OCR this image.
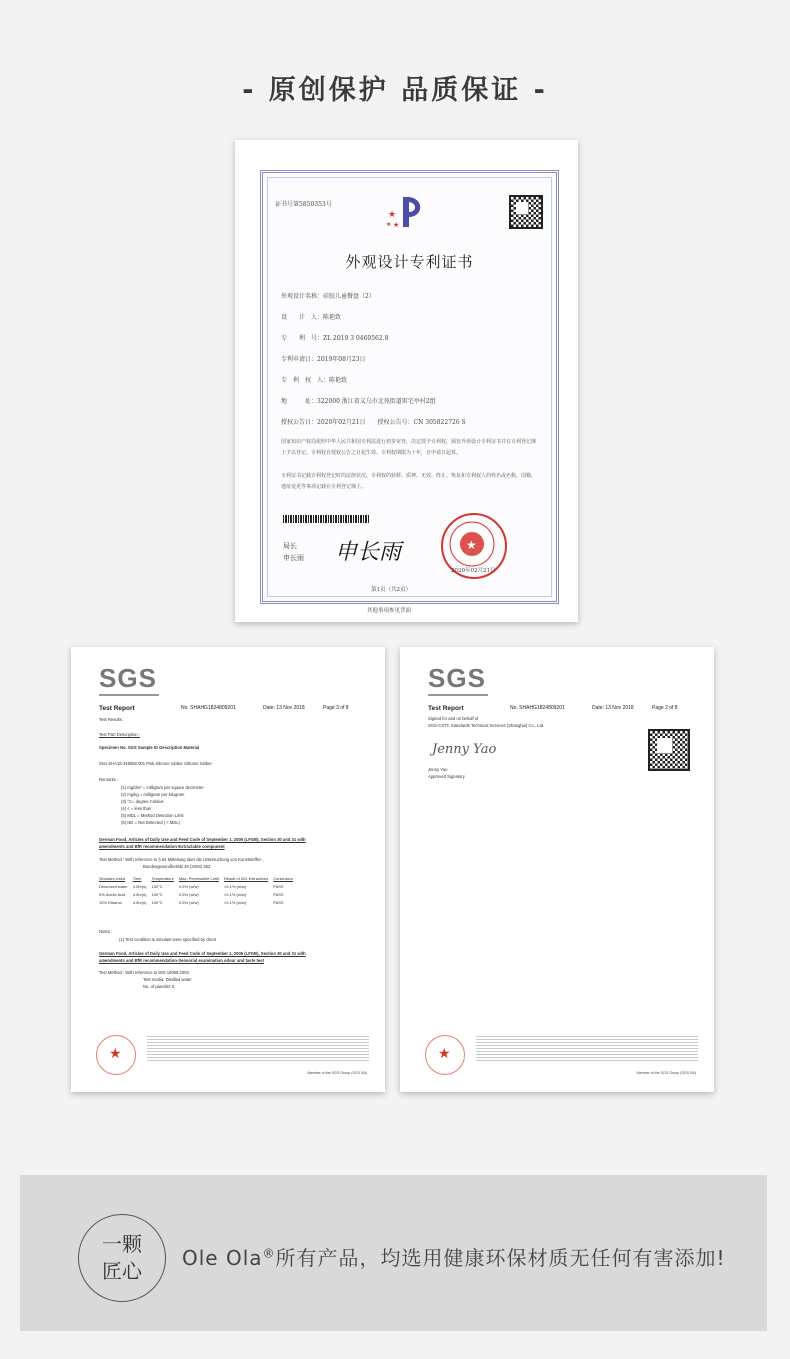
- 原创保护 品质保证 -
证书号第5850353号
★
★
★
外观设计专利证书
外观设计名称：硅胶儿童餐盘（2）
设　　计　人：陈艳致
专　　利　号：ZL 2019 3 0469562.8
专利申请日：2019年08月23日
专　利　权　人：陈艳致
地　　　址：322000 浙江省义乌市北苑街道雷宅亭村2组
授权公告日：2020年02月21日　　授权公告号：CN 305822726 S
国家知识产权局依照中华人民共和国专利法进行初步审查，决定授予专利权，颁发外观设计专利证书并在专利登记簿上予以登记。专利权自授权公告之日起生效。专利权期限为十年，自申请日起算。
专利证书记载专利权登记时的法律状况。专利权的转移、质押、无效、终止、恢复和专利权人的姓名或名称、国籍、地址变更等事项记载在专利登记簿上。
局长
申长雨 申长雨	★
2020年02月21日
第1页（共2页）
其他事项参见背面
SGS
Test Report	No. SHAHG1824809201	Date: 13 Nov 2018	Page 3 of 8
Test Results :
Test Part Description :
Specimen No. SGS Sample ID Description Material
SN1 SHA18-248092.001 Pink silicone rubber Silicone rubber
Remarks :
(1) mg/dm² = milligram per square decimeter
(2) mg/kg = milligram per kilogram
(3) °C= degree Celsius
(4) < = less than
(5) MDL = Method Detection Limit
(6) ND = Not Detected ( < MDL)
German Food, Articles of Daily Use and Feed Code of September 1, 2005 (LFGB), Section 30 and 31 with
amendments and BfR recommendation-Extractable component
Test Method : With reference to § 64 Mitteilung über die Untersuchung von Kunststoffen ,
Bundesgesundheitsbl 40 (2003) 362
Simulant Used	Time	Temperature	Max. Permissible Limit	Result of 001 Extractives	Conclusion
Deionized water	4.0hr(s)	100°C	0.5% (w/w)	<0.1% (w/w)	PASS
3% Acetic Acid	4.0hr(s)	100°C	0.5% (w/w)	<0.1% (w/w)	PASS
10% Ethanol	4.0hr(s)	100°C	0.5% (w/w)	<0.1% (w/w)	PASS
Notes :
(1) Test condition & simulant were specified by client
German Food, Articles of Daily Use and Feed Code of September 1, 2005 (LFGB), Section 30 and 31 with
amendments and BfR recommendation-Sensorial examination odour and taste test
Test Method : With reference to DIN 10955:2004
Test media: Distilled water
No. of panelist: 6
★
Member of the SGS Group (SGS SA)
SGS
Test Report	No. SHAHG1824809201	Date: 13 Nov 2018	Page 2 of 8
Signed for and on behalf of
SGS-CSTC Standards Technical Services (Shanghai) Co., Ltd.
Jenny Yao
Jenny Yao
Approved Signatory
★
Member of the SGS Group (SGS SA)
一颗
匠心
Ole Ola®所有产品，均选用健康环保材质无任何有害添加!
